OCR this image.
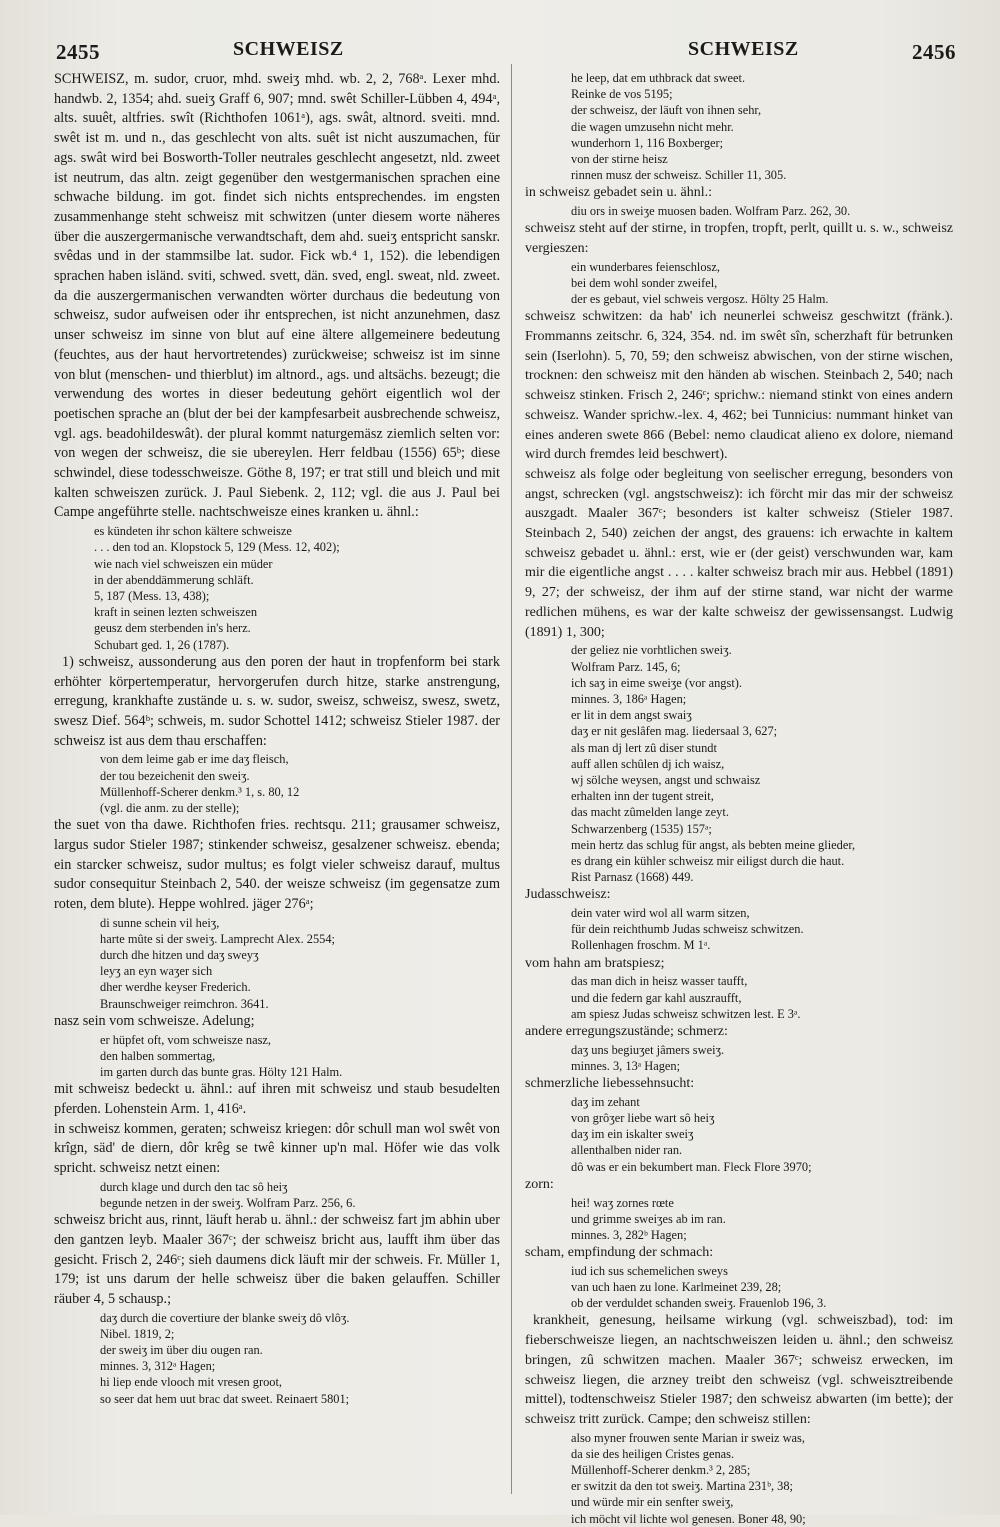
2455	SCHWEISZ	SCHWEISZ	2456

SCHWEISZ, m. sudor, cruor, mhd. sweiʒ mhd. wb. 2, 2, 768ᵃ. Lexer mhd. handwb. 2, 1354; ahd. sueiʒ Graff 6, 907; mnd. swêt Schiller-Lübben 4, 494ᵃ, alts. suuêt, altfries. swît (Richthofen 1061ᵃ), ags. swât, altnord. sveiti. mnd. swêt ist m. und n., das geschlecht von alts. suêt ist nicht auszumachen, für ags. swât wird bei Bosworth-Toller neutrales geschlecht angesetzt, nld. zweet ist neutrum, das altn. zeigt gegenüber den westgermanischen sprachen eine schwache bildung. im got. findet sich nichts entsprechendes. im engsten zusammenhange steht schweisz mit schwitzen (unter diesem worte näheres über die auszergermanische verwandtschaft, dem ahd. sueiʒ entspricht sanskr. svêdas und in der stammsilbe lat. sudor. Fick wb.⁴ 1, 152). die lebendigen sprachen haben isländ. sviti, schwed. svett, dän. sved, engl. sweat, nld. zweet. da die auszergermanischen verwandten wörter durchaus die bedeutung von schweisz, sudor aufweisen oder ihr entsprechen, ist nicht anzunehmen, dasz unser schweisz im sinne von blut auf eine ältere allgemeinere bedeutung (feuchtes, aus der haut hervortretendes) zurückweise; schweisz ist im sinne von blut (menschen- und thierblut) im altnord., ags. und altsächs. bezeugt; die verwendung des wortes in dieser bedeutung gehört eigentlich wol der poetischen sprache an (blut der bei der kampfesarbeit ausbrechende schweisz, vgl. ags. beadohildeswât). der plural kommt naturgemäsz ziemlich selten vor: von wegen der schweisz, die sie ubereylen. Herr feldbau (1556) 65ᵇ; diese schwindel, diese todesschweisze. Göthe 8, 197; er trat still und bleich und mit kalten schweiszen zurück. J. Paul Siebenk. 2, 112; vgl. die aus J. Paul bei Campe angeführte stelle. nachtschweisze eines kranken u. ähnl.:

es kündeten ihr schon kältere schweisze
. . . den tod an. Klopstock 5, 129 (Mess. 12, 402);
wie nach viel schweiszen ein müder
in der abenddämmerung schläft.
5, 187 (Mess. 13, 438);
kraft in seinen lezten schweiszen
geusz dem sterbenden in's herz.
Schubart ged. 1, 26 (1787).

1) schweisz, aussonderung aus den poren der haut in tropfenform bei stark erhöhter körpertemperatur, hervorgerufen durch hitze, starke anstrengung, erregung, krankhafte zustände u. s. w. sudor, sweisz, schweisz, swesz, swetz, swesz Dief. 564ᵇ; schweis, m. sudor Schottel 1412; schweisz Stieler 1987. der schweisz ist aus dem thau erschaffen:

von dem leime gab er ime daʒ fleisch,
der tou bezeichenit den sweiʒ.
Müllenhoff-Scherer denkm.³ 1, s. 80, 12
(vgl. die anm. zu der stelle);

the suet von tha dawe. Richthofen fries. rechtsqu. 211; grausamer schweisz, largus sudor Stieler 1987; stinkender schweisz, gesalzener schweisz. ebenda; ein starcker schweisz, sudor multus; es folgt vieler schweisz darauf, multus sudor consequitur Steinbach 2, 540. der weisze schweisz (im gegensatze zum roten, dem blute). Heppe wohlred. jäger 276ᵃ;

di sunne schein vil heiʒ,
harte mûte si der sweiʒ. Lamprecht Alex. 2554;
durch dhe hitzen und daʒ sweyʒ
leyʒ an eyn waʒer sich
dher werdhe keyser Frederich.
Braunschweiger reimchron. 3641.

nasz sein vom schweisze. Adelung;

er hüpfet oft, vom schweisze nasz,
den halben sommertag,
im garten durch das bunte gras. Hölty 121 Halm.

mit schweisz bedeckt u. ähnl.: auf ihren mit schweisz und staub besudelten pferden. Lohenstein Arm. 1, 416ᵃ.
in schweisz kommen, geraten; schweisz kriegen: dôr schull man wol swêt von krîgn, säd' de diern, dôr krêg se twê kinner up'n mal. Höfer wie das volk spricht. schweisz netzt einen:

durch klage und durch den tac sô heiʒ
begunde netzen in der sweiʒ. Wolfram Parz. 256, 6.

schweisz bricht aus, rinnt, läuft herab u. ähnl.: der schweisz fart jm abhin uber den gantzen leyb. Maaler 367ᶜ; der schweisz bricht aus, laufft ihm über das gesicht. Frisch 2, 246ᶜ; sieh daumens dick läuft mir der schweis. Fr. Müller 1, 179; ist uns darum der helle schweisz über die baken gelauffen. Schiller räuber 4, 5 schausp.;

daʒ durch die covertiure der blanke sweiʒ dô vlôʒ.
Nibel. 1819, 2;
der sweiʒ im über diu ougen ran.
minnes. 3, 312ᵃ Hagen;
hi liep ende vlooch mit vresen groot,
so seer dat hem uut brac dat sweet. Reinaert 5801;

he leep, dat em uthbrack dat sweet.
Reinke de vos 5195;
der schweisz, der läuft von ihnen sehr,
die wagen umzusehn nicht mehr.
wunderhorn 1, 116 Boxberger;
von der stirne heisz
rinnen musz der schweisz. Schiller 11, 305.

in schweisz gebadet sein u. ähnl.:

diu ors in sweiʒe muosen baden. Wolfram Parz. 262, 30.

schweisz steht auf der stirne, in tropfen, tropft, perlt, quillt u. s. w., schweisz vergieszen:

ein wunderbares feienschlosz,
bei dem wohl sonder zweifel,
der es gebaut, viel schweis vergosz. Hölty 25 Halm.

schweisz schwitzen: da hab' ich neunerlei schweisz geschwitzt (fränk.). Frommanns zeitschr. 6, 324, 354. nd. im swêt sîn, scherzhaft für betrunken sein (Iserlohn). 5, 70, 59; den schweisz abwischen, von der stirne wischen, trocknen: den schweisz mit den händen ab wischen. Steinbach 2, 540; nach schweisz stinken. Frisch 2, 246ᶜ; sprichw.: niemand stinkt von eines andern schweisz. Wander sprichw.-lex. 4, 462; bei Tunnicius: nummant hinket van eines anderen swete 866 (Bebel: nemo claudicat alieno ex dolore, niemand wird durch fremdes leid beschwert).
schweisz als folge oder begleitung von seelischer erregung, besonders von angst, schrecken (vgl. angstschweisz): ich förcht mir das mir der schweisz auszgadt. Maaler 367ᶜ; besonders ist kalter schweisz (Stieler 1987. Steinbach 2, 540) zeichen der angst, des grauens: ich erwachte in kaltem schweisz gebadet u. ähnl.: erst, wie er (der geist) verschwunden war, kam mir die eigentliche angst . . . . kalter schweisz brach mir aus. Hebbel (1891) 9, 27; der schweisz, der ihm auf der stirne stand, war nicht der warme redlichen mühens, es war der kalte schweisz der gewissensangst. Ludwig (1891) 1, 300;

der geliez nie vorhtlichen sweiʒ.
Wolfram Parz. 145, 6;
ich saʒ in eime sweiʒe (vor angst).
minnes. 3, 186ᵃ Hagen;
er lit in dem angst swaiʒ
daʒ er nit geslâfen mag. liedersaal 3, 627;
als man dj lert zû diser stundt
auff allen schûlen dj ich waisz,
wj sölche weysen, angst und schwaisz
erhalten inn der tugent streit,
das macht zûmelden lange zeyt.
Schwarzenberg (1535) 157ᵃ;
mein hertz das schlug für angst, als bebten meine glieder,
es drang ein kühler schweisz mir eiligst durch die haut.
Rist Parnasz (1668) 449.

Judasschweisz:

dein vater wird wol all warm sitzen,
für dein reichthumb Judas schweisz schwitzen.
Rollenhagen froschm. M 1ᵃ.

vom hahn am bratspiesz;

das man dich in heisz wasser taufft,
und die federn gar kahl auszraufft,
am spiesz Judas schweisz schwitzen lest. E 3ᵃ.

andere erregungszustände; schmerz:

daʒ uns begiuʒet jâmers sweiʒ.
minnes. 3, 13ᵃ Hagen;

schmerzliche liebessehnsucht:

daʒ im zehant
von grôʒer liebe wart sô heiʒ
daʒ im ein iskalter sweiʒ
allenthalben nider ran.
dô was er ein bekumbert man. Fleck Flore 3970;

zorn:

hei! waʒ zornes rœte
und grimme sweiʒes ab im ran.
minnes. 3, 282ᵇ Hagen;

scham, empfindung der schmach:

iud ich sus schemelichen sweys
van uch haen zu lone. Karlmeinet 239, 28;
ob der verduldet schanden sweiʒ. Frauenlob 196, 3.

krankheit, genesung, heilsame wirkung (vgl. schweiszbad), tod: im fieberschweisze liegen, an nachtschweiszen leiden u. ähnl.; den schweisz bringen, zû schwitzen machen. Maaler 367ᶜ; schweisz erwecken, im schweisz liegen, die arzney treibt den schweisz (vgl. schweisztreibende mittel), todtenschweisz Stieler 1987; den schweisz abwarten (im bette); der schweisz tritt zurück. Campe; den schweisz stillen:

also myner frouwen sente Marian ir sweiz was,
da sie des heiligen Cristes genas.
Müllenhoff-Scherer denkm.³ 2, 285;
er switzit da den tot sweiʒ. Martina 231ᵇ, 38;
und würde mir ein senfter sweiʒ,
ich möcht vil lichte wol genesen. Boner 48, 90;
